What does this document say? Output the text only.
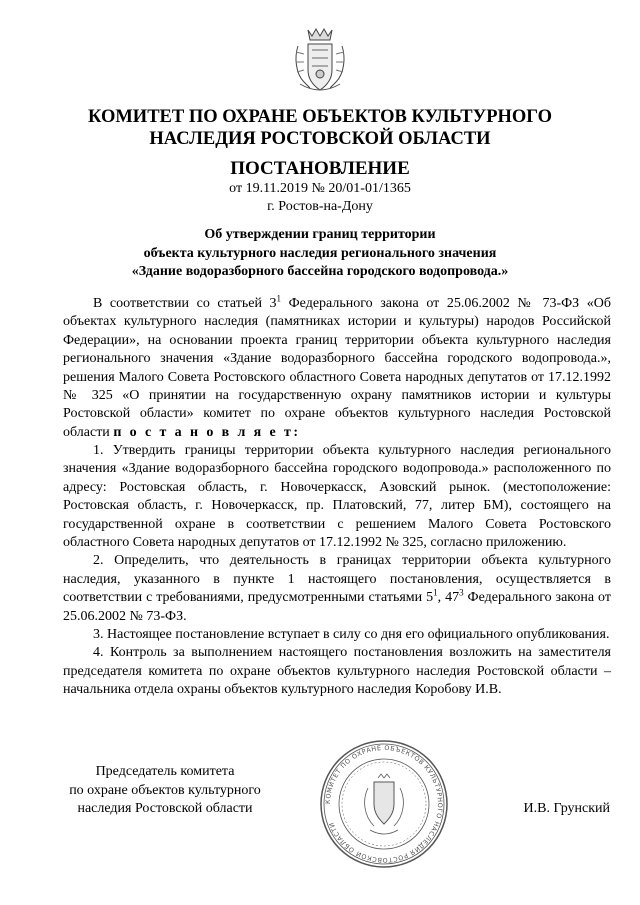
КОМИТЕТ ПО ОХРАНЕ ОБЪЕКТОВ КУЛЬТУРНОГО
НАСЛЕДИЯ РОСТОВСКОЙ ОБЛАСТИ
ПОСТАНОВЛЕНИЕ
от 19.11.2019 № 20/01-01/1365
г. Ростов-на-Дону
Об утверждении границ территории
объекта культурного наследия регионального значения
«Здание водоразборного бассейна городского водопровода.»

В соответствии со статьей $3^1$ Федерального закона от 25.06.2002 № 73-ФЗ «Об объектах культурного наследия (памятниках истории и культуры) народов Российской Федерации», на основании проекта границ территории объекта культурного наследия регионального значения «Здание водоразборного бассейна городского водопровода.», решения Малого Совета Ростовского областного Совета народных депутатов от 17.12.1992 № 325 «О принятии на государственную охрану памятников истории и культуры Ростовской области» комитет по охране объектов культурного наследия Ростовской области п о с т а н о в л я е т:

1. Утвердить границы территории объекта культурного наследия регионального значения «Здание водоразборного бассейна городского водопровода.» расположенного по адресу: Ростовская область, г. Новочеркасск, Азовский рынок. (местоположение: Ростовская область, г. Новочеркасск, пр. Платовский, 77, литер БМ), состоящего на государственной охране в соответствии с решением Малого Совета Ростовского областного Совета народных депутатов от 17.12.1992 № 325, согласно приложению.

2. Определить, что деятельность в границах территории объекта культурного наследия, указанного в пункте 1 настоящего постановления, осуществляется в соответствии с требованиями, предусмотренными статьями $5^1$, $47^3$ Федерального закона от 25.06.2002 № 73-ФЗ.

3. Настоящее постановление вступает в силу со дня его официального опубликования.

4. Контроль за выполнением настоящего постановления возложить на заместителя председателя комитета по охране объектов культурного наследия Ростовской области – начальника отдела охраны объектов культурного наследия Коробову И.В.

Председатель комитета
по охране объектов культурного
наследия Ростовской области	КОМИТЕТ ПО ОХРАНЕ ОБЪЕКТОВ КУЛЬТУРНОГО НАСЛЕДИЯ РОСТОВСКОЙ ОБЛАСТИ
И.В. Грунский
